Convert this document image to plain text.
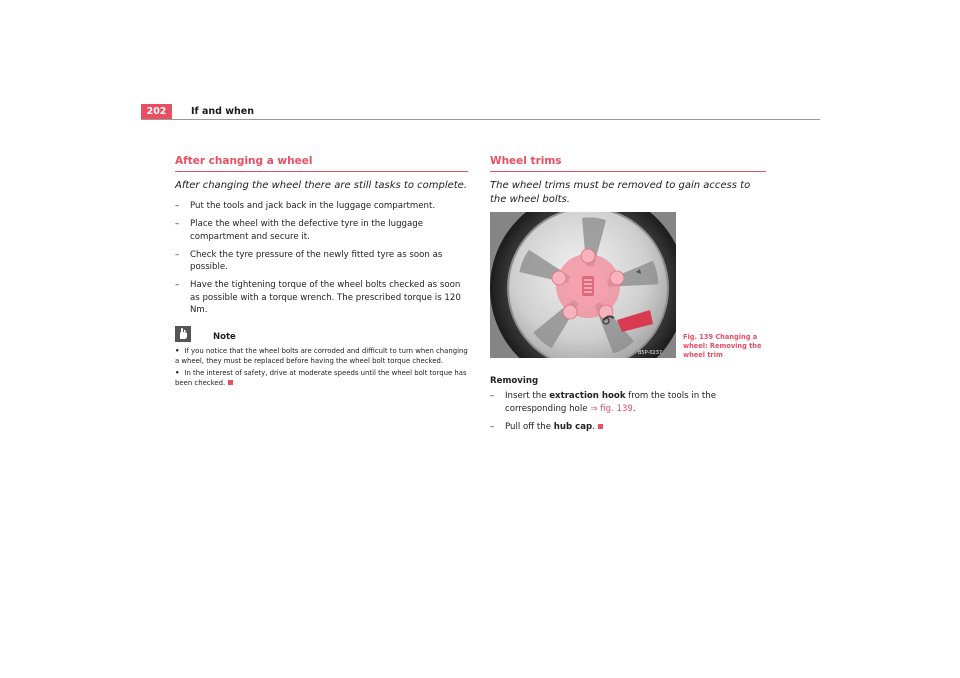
202	If and when
After changing a wheel

After changing the wheel there are still tasks to complete.

– Put the tools and jack back in the luggage compartment.
– Place the wheel with the defective tyre in the luggage compartment and secure it.
– Check the tyre pressure of the newly fitted tyre as soon as possible.
– Have the tightening torque of the wheel bolts checked as soon as possible with a torque wrench. The prescribed torque is 120 Nm.
Note

• If you notice that the wheel bolts are corroded and difficult to turn when changing a wheel, they must be replaced before having the wheel bolt torque checked.

• In the interest of safety, drive at moderate speeds until the wheel bolt torque has been checked.

Wheel trims

The wheel trims must be removed to gain access to the wheel bolts.

B5P-0237
Fig. 139 Changing a wheel: Removing the wheel trim
Removing
– Insert the extraction hook from the tools in the corresponding hole ⇒ fig. 139.
– Pull off the hub cap.
